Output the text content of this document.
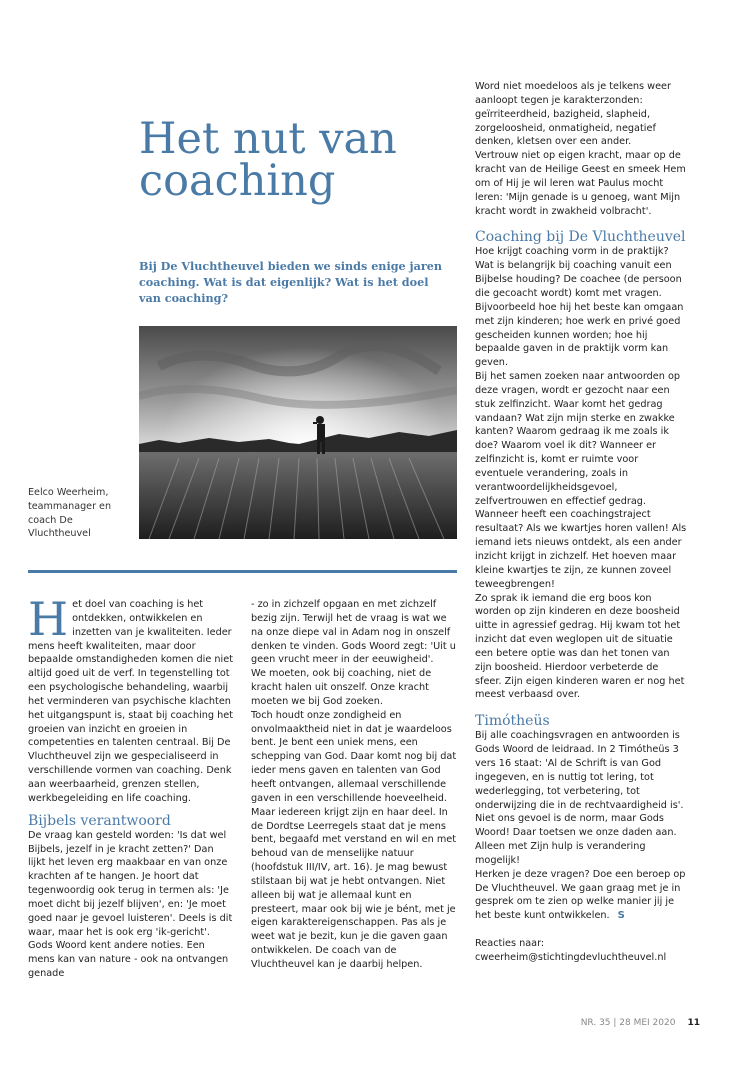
Het nut van coaching

Bij De Vluchtheuvel bieden we sinds enige jaren coaching. Wat is dat eigenlijk? Wat is het doel van coaching?

Eelco Weerheim, teammanager en coach De Vluchtheuvel

Het doel van coaching is het ontdekken, ontwikkelen en inzetten van je kwaliteiten. Ieder mens heeft kwaliteiten, maar door bepaalde omstandigheden komen die niet altijd goed uit de verf. In tegenstelling tot een psychologische behandeling, waarbij het verminderen van psychische klachten het uitgangspunt is, staat bij coaching het groeien van inzicht en groeien in competenties en talenten centraal. Bij De Vluchtheuvel zijn we gespecialiseerd in verschillende vormen van coaching. Denk aan weerbaarheid, grenzen stellen, werkbegeleiding en life coaching.

Bijbels verantwoord

De vraag kan gesteld worden: 'Is dat wel Bijbels, jezelf in je kracht zetten?' Dan lijkt het leven erg maakbaar en van onze krachten af te hangen. Je hoort dat tegenwoordig ook terug in termen als: 'Je moet dicht bij jezelf blijven', en: 'Je moet goed naar je gevoel luisteren'. Deels is dit waar, maar het is ook erg 'ik-gericht'. Gods Woord kent andere noties. Een mens kan van nature - ook na ontvangen genade

- zo in zichzelf opgaan en met zichzelf bezig zijn. Terwijl het de vraag is wat we na onze diepe val in Adam nog in onszelf denken te vinden. Gods Woord zegt: 'Uit u geen vrucht meer in der eeuwigheid'.

We moeten, ook bij coaching, niet de kracht halen uit onszelf. Onze kracht moeten we bij God zoeken.

Toch houdt onze zondigheid en onvolmaaktheid niet in dat je waardeloos bent. Je bent een uniek mens, een schepping van God. Daar komt nog bij dat ieder mens gaven en talenten van God heeft ontvangen, allemaal verschillende gaven in een verschillende hoeveelheid. Maar iedereen krijgt zijn en haar deel. In de Dordtse Leerregels staat dat je mens bent, begaafd met verstand en wil en met behoud van de menselijke natuur (hoofdstuk III/IV, art. 16). Je mag bewust stilstaan bij wat je hebt ontvangen. Niet alleen bij wat je allemaal kunt en presteert, maar ook bij wie je bént, met je eigen karaktereigenschappen. Pas als je weet wat je bezit, kun je die gaven gaan ontwikkelen. De coach van de Vluchtheuvel kan je daarbij helpen.

Word niet moedeloos als je telkens weer aanloopt tegen je karakterzonden: geïrriteerdheid, bazigheid, slapheid, zorgeloosheid, onmatigheid, negatief denken, kletsen over een ander.

Vertrouw niet op eigen kracht, maar op de kracht van de Heilige Geest en smeek Hem om of Hij je wil leren wat Paulus mocht leren: 'Mijn genade is u genoeg, want Mijn kracht wordt in zwakheid volbracht'.

Coaching bij De Vluchtheuvel

Hoe krijgt coaching vorm in de praktijk? Wat is belangrijk bij coaching vanuit een Bijbelse houding? De coachee (de persoon die gecoacht wordt) komt met vragen. Bijvoorbeeld hoe hij het beste kan omgaan met zijn kinderen; hoe werk en privé goed gescheiden kunnen worden; hoe hij bepaalde gaven in de praktijk vorm kan geven.

Bij het samen zoeken naar antwoorden op deze vragen, wordt er gezocht naar een stuk zelfinzicht. Waar komt het gedrag vandaan? Wat zijn mijn sterke en zwakke kanten? Waarom gedraag ik me zoals ik doe? Waarom voel ik dit? Wanneer er zelfinzicht is, komt er ruimte voor eventuele verandering, zoals in verantwoordelijkheidsgevoel, zelfvertrouwen en effectief gedrag. Wanneer heeft een coachingstraject resultaat? Als we kwartjes horen vallen! Als iemand iets nieuws ontdekt, als een ander inzicht krijgt in zichzelf. Het hoeven maar kleine kwartjes te zijn, ze kunnen zoveel teweegbrengen!

Zo sprak ik iemand die erg boos kon worden op zijn kinderen en deze boosheid uitte in agressief gedrag. Hij kwam tot het inzicht dat even weglopen uit de situatie een betere optie was dan het tonen van zijn boosheid. Hierdoor verbeterde de sfeer. Zijn eigen kinderen waren er nog het meest verbaasd over.

Timótheüs

Bij alle coachingsvragen en antwoorden is Gods Woord de leidraad. In 2 Timótheüs 3 vers 16 staat: 'Al de Schrift is van God ingegeven, en is nuttig tot lering, tot wederlegging, tot verbetering, tot onderwijzing die in de rechtvaardigheid is'. Niet ons gevoel is de norm, maar Gods Woord! Daar toetsen we onze daden aan. Alleen met Zijn hulp is verandering mogelijk!

Herken je deze vragen? Doe een beroep op De Vluchtheuvel. We gaan graag met je in gesprek om te zien op welke manier jij je het beste kunt ontwikkelen. S

Reacties naar:

cweerheim@stichtingdevluchtheuvel.nl

NR. 35 | 28 MEI 2020 11
